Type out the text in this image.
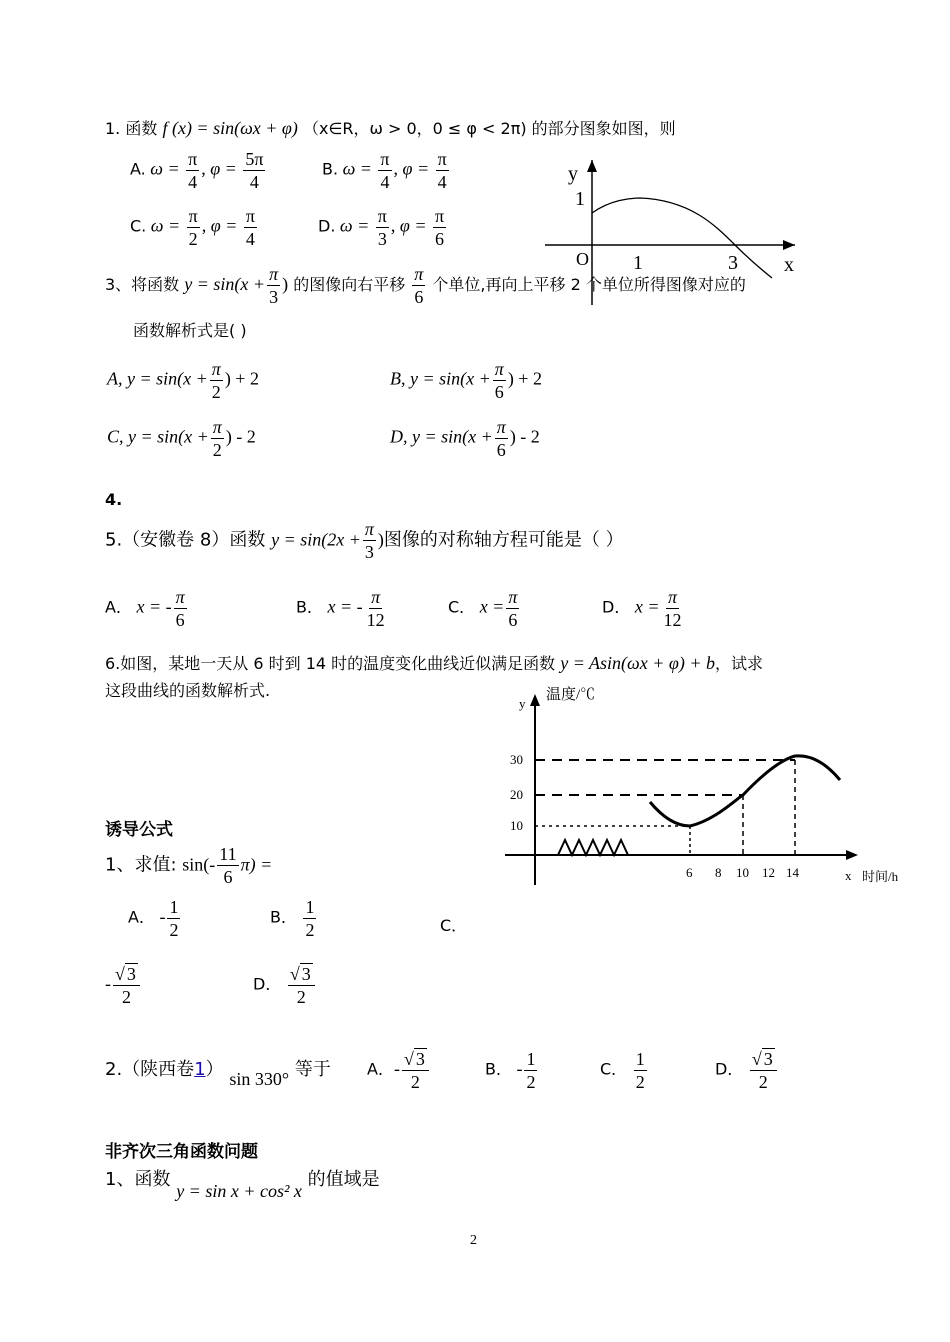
1. 函数 f (x) = sin(ωx + φ) （x∈R，ω > 0，0 ≤ φ < 2π) 的部分图象如图，则
A. $\omega = \frac{\pi}{4}$ , $\varphi = \frac{5\pi}{4}$	B. $\omega = \frac{\pi}{4}$ , $\varphi = \frac{\pi}{4}$
C. $\omega = \frac{\pi}{2}$ , $\varphi = \frac{\pi}{4}$	D. $\omega = \frac{\pi}{3}$ , $\varphi = \frac{\pi}{6}$
y
1
O 1	3 x
3、将函数 $y = \sin(x + \frac{\pi}{3}$ ) 的图像向右平移 $\frac{\pi}{6}$ 个单位,再向上平移 2 个单位所得图像对应的
函数解析式是( )
A, $y = \sin(x + \frac{\pi}{2}$ ) + 2	B, $y = \sin(x + \frac{\pi}{6}$ ) + 2
C, $y = \sin(x + \frac{\pi}{2}$ ) - 2	D, $y = \sin(x + \frac{\pi}{6}$ ) - 2
4.
5.（安徽卷 8）函数 $y = \sin(2x + \frac{\pi}{3}$ )图像的对称轴方程可能是（ ）
A． x = - $\frac{\pi}{6}$	B． x = - $\frac{\pi}{12}$	C． $x = \frac{\pi}{6}$	D． $x = \frac{\pi}{12}$
6.如图，某地一天从 6 时到 14 时的温度变化曲线近似满足函数 y = Asin(ωx + φ) + b，试求
这段曲线的函数解析式.
y
温度/℃
30
20
10
6 8 10 12 14	x 时间/h
诱导公式
1、求值: $\sin(- \frac{11}{6} \pi)$ =
A． - $\frac{1}{2}$	B． $\frac{1}{2}$	C．
- $\frac{√ 3}{2}$	D． $\frac{√ 3}{2}$
2.（陕西卷1） sin 330° 等于 A．- $\frac{√ 3}{2}$	B． - $\frac{1}{2}$	C． $\frac{1}{2}$	D． $\frac{√ 3}{2}$
非齐次三角函数问题
1、函数 y = sin x + cos² x 的值域是
2
